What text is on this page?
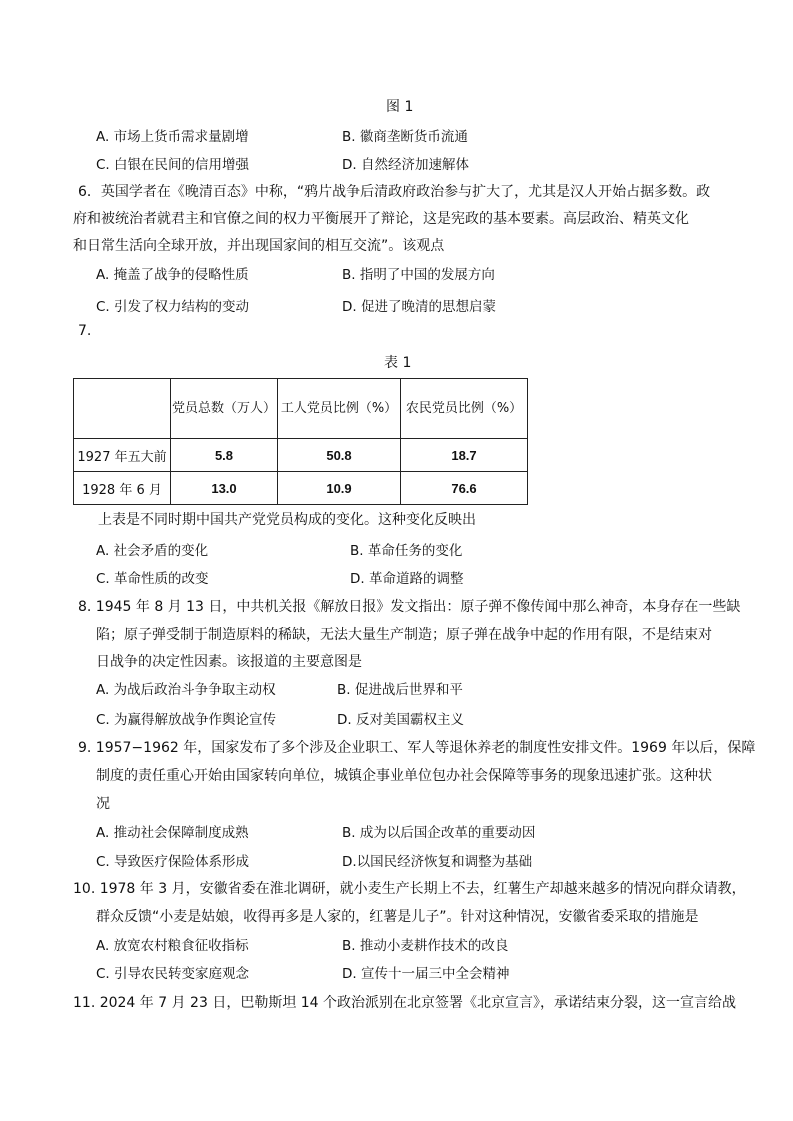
图 1
A. 市场上货币需求量剧增	B. 徽商垄断货币流通
C. 白银在民间的信用增强	D. 自然经济加速解体
6．英国学者在《晚清百态》中称，“鸦片战争后清政府政治参与扩大了，尤其是汉人开始占据多数。政
府和被统治者就君主和官僚之间的权力平衡展开了辩论，这是宪政的基本要素。高层政治、精英文化
和日常生活向全球开放，并出现国家间的相互交流”。该观点
A. 掩盖了战争的侵略性质	B. 指明了中国的发展方向
C. 引发了权力结构的变动	D. 促进了晚清的思想启蒙
7.
表 1
	党员总数（万人）	工人党员比例（%）	农民党员比例（%）
1927 年五大前	5.8	50.8	18.7
1928 年 6 月	13.0	10.9	76.6
上表是不同时期中国共产党党员构成的变化。这种变化反映出
A. 社会矛盾的变化	B. 革命任务的变化
C. 革命性质的改变	D. 革命道路的调整
8. 1945 年 8 月 13 日，中共机关报《解放日报》发文指出：原子弹不像传闻中那么神奇，本身存在一些缺
陷；原子弹受制于制造原料的稀缺，无法大量生产制造；原子弹在战争中起的作用有限，不是结束对
日战争的决定性因素。该报道的主要意图是
A. 为战后政治斗争争取主动权	B. 促进战后世界和平
C. 为赢得解放战争作舆论宣传	D. 反对美国霸权主义
9. 1957−1962 年，国家发布了多个涉及企业职工、军人等退休养老的制度性安排文件。1969 年以后，保障
制度的责任重心开始由国家转向单位，城镇企事业单位包办社会保障等事务的现象迅速扩张。这种状
况
A. 推动社会保障制度成熟	B. 成为以后国企改革的重要动因
C. 导致医疗保险体系形成	D.以国民经济恢复和调整为基础
10. 1978 年 3 月，安徽省委在淮北调研，就小麦生产长期上不去，红薯生产却越来越多的情况向群众请教，
群众反馈“小麦是姑娘，收得再多是人家的，红薯是儿子”。针对这种情况，安徽省委采取的措施是
A. 放宽农村粮食征收指标	B. 推动小麦耕作技术的改良
C. 引导农民转变家庭观念	D. 宣传十一届三中全会精神
11. 2024 年 7 月 23 日，巴勒斯坦 14 个政治派别在北京签署《北京宣言》，承诺结束分裂，这一宣言给战
